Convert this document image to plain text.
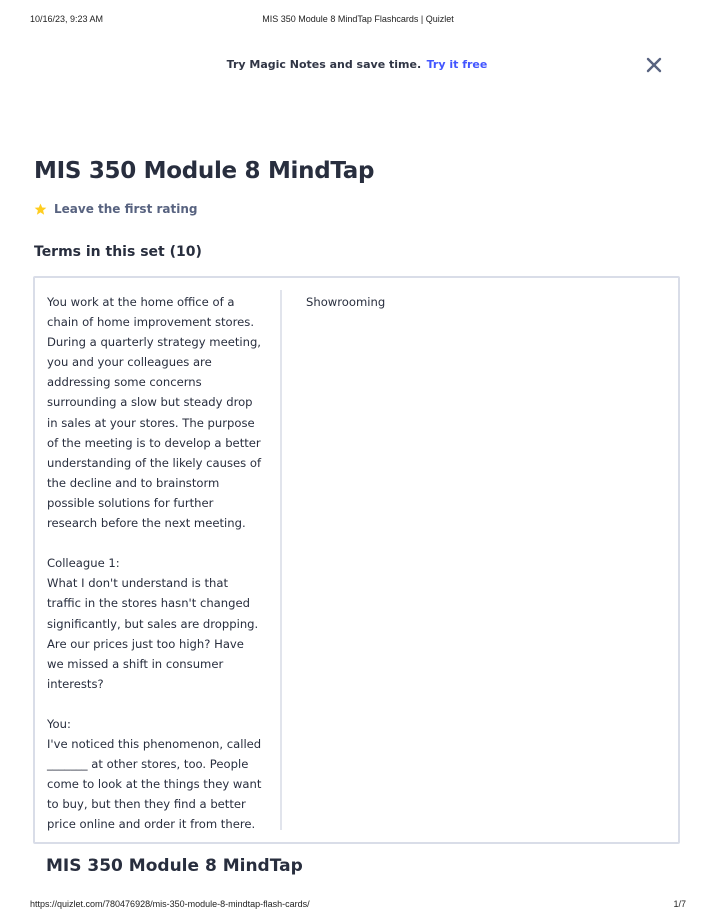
10/16/23, 9:23 AM	MIS 350 Module 8 MindTap Flashcards | Quizlet
Try Magic Notes and save time. Try it free
MIS 350 Module 8 MindTap
Leave the first rating
Terms in this set (10)

You work at the home office of a chain of home improvement stores. During a quarterly strategy meeting, you and your colleagues are addressing some concerns surrounding a slow but steady drop in sales at your stores. The purpose of the meeting is to develop a better understanding of the likely causes of the decline and to brainstorm possible solutions for further research before the next meeting.

Colleague 1:
What I don't understand is that traffic in the stores hasn't changed significantly, but sales are dropping. Are our prices just too high? Have we missed a shift in consumer interests?

You:
I've noticed this phenomenon, called _______ at other stores, too. People come to look at the things they want to buy, but then they find a better price online and order it from there.

Showrooming
MIS 350 Module 8 MindTap
https://quizlet.com/780476928/mis-350-module-8-mindtap-flash-cards/	1/7
